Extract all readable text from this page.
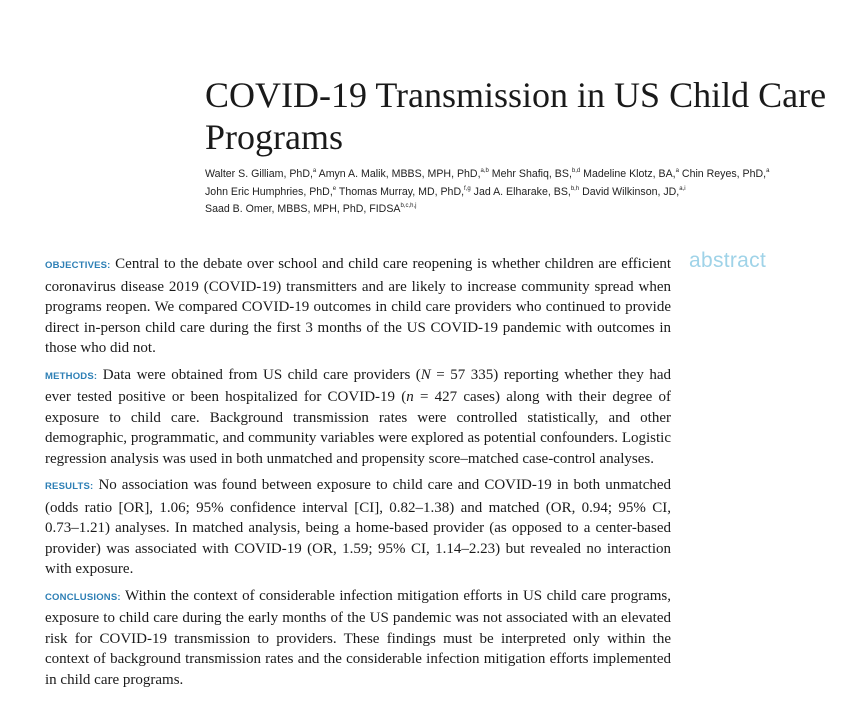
COVID-19 Transmission in US Child Care Programs
Walter S. Gilliam, PhD,$^a$ Amyn A. Malik, MBBS, MPH, PhD,$^{a,b}$ Mehr Shafiq, BS,$^{b,d}$ Madeline Klotz, BA,$^a$ Chin Reyes, PhD,$^a$
John Eric Humphries, PhD,$^e$ Thomas Murray, MD, PhD,$^{f,g}$ Jad A. Elharake, BS,$^{b,h}$ David Wilkinson, JD,$^{a,i}$
Saad B. Omer, MBBS, MPH, PhD, FIDSA$^{b,c,h,j}$
abstract

OBJECTIVES: Central to the debate over school and child care reopening is whether children are efficient coronavirus disease 2019 (COVID-19) transmitters and are likely to increase community spread when programs reopen. We compared COVID-19 outcomes in child care providers who continued to provide direct in-person child care during the first 3 months of the US COVID-19 pandemic with outcomes in those who did not.

METHODS: Data were obtained from US child care providers (N = 57 335) reporting whether they had ever tested positive or been hospitalized for COVID-19 (n = 427 cases) along with their degree of exposure to child care. Background transmission rates were controlled statistically, and other demographic, programmatic, and community variables were explored as potential confounders. Logistic regression analysis was used in both unmatched and propensity score–matched case-control analyses.

RESULTS: No association was found between exposure to child care and COVID-19 in both unmatched (odds ratio [OR], 1.06; 95% confidence interval [CI], 0.82–1.38) and matched (OR, 0.94; 95% CI, 0.73–1.21) analyses. In matched analysis, being a home-based provider (as opposed to a center-based provider) was associated with COVID-19 (OR, 1.59; 95% CI, 1.14–2.23) but revealed no interaction with exposure.

CONCLUSIONS: Within the context of considerable infection mitigation efforts in US child care programs, exposure to child care during the early months of the US pandemic was not associated with an elevated risk for COVID-19 transmission to providers. These findings must be interpreted only within the context of background transmission rates and the considerable infection mitigation efforts implemented in child care programs.
